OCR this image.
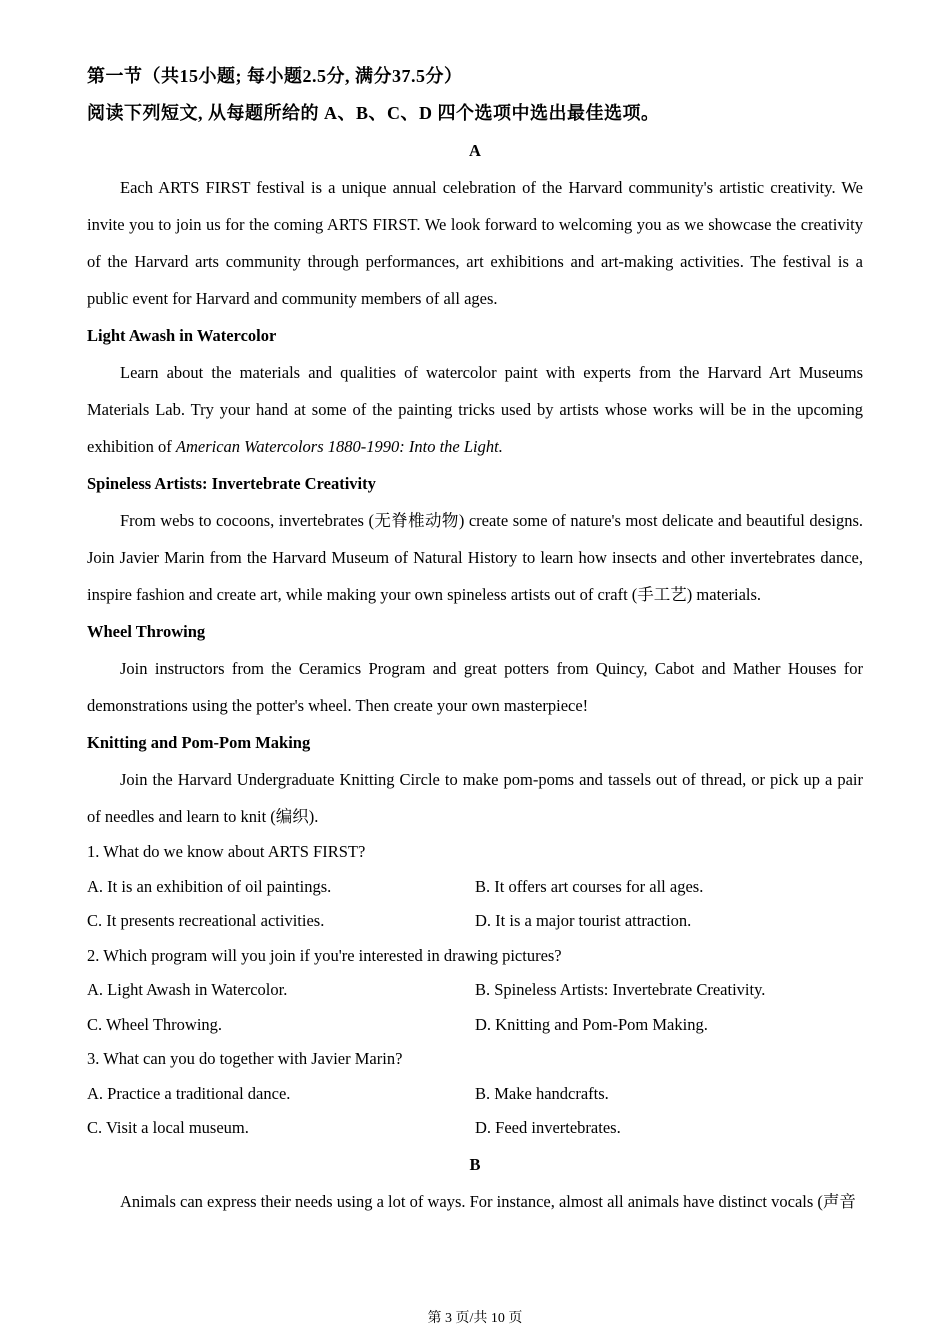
第一节（共15小题; 每小题2.5分, 满分37.5分）
阅读下列短文, 从每题所给的 A、B、C、D 四个选项中选出最佳选项。
A

Each ARTS FIRST festival is a unique annual celebration of the Harvard community's artistic creativity. We invite you to join us for the coming ARTS FIRST. We look forward to welcoming you as we showcase the creativity of the Harvard arts community through performances, art exhibitions and art-making activities. The festival is a public event for Harvard and community members of all ages.

Light Awash in Watercolor

Learn about the materials and qualities of watercolor paint with experts from the Harvard Art Museums Materials Lab. Try your hand at some of the painting tricks used by artists whose works will be in the upcoming exhibition of American Watercolors 1880-1990: Into the Light.

Spineless Artists: Invertebrate Creativity

From webs to cocoons, invertebrates (无脊椎动物) create some of nature's most delicate and beautiful designs. Join Javier Marin from the Harvard Museum of Natural History to learn how insects and other invertebrates dance, inspire fashion and create art, while making your own spineless artists out of craft (手工艺) materials.

Wheel Throwing

Join instructors from the Ceramics Program and great potters from Quincy, Cabot and Mather Houses for demonstrations using the potter's wheel. Then create your own masterpiece!

Knitting and Pom-Pom Making

Join the Harvard Undergraduate Knitting Circle to make pom-poms and tassels out of thread, or pick up a pair of needles and learn to knit (编织).

1. What do we know about ARTS FIRST?
A. It is an exhibition of oil paintings.	B. It offers art courses for all ages.
C. It presents recreational activities.	D. It is a major tourist attraction.
2. Which program will you join if you're interested in drawing pictures?
A. Light Awash in Watercolor.	B. Spineless Artists: Invertebrate Creativity.
C. Wheel Throwing.	D. Knitting and Pom-Pom Making.
3. What can you do together with Javier Marin?
A. Practice a traditional dance.	B. Make handcrafts.
C. Visit a local museum.	D. Feed invertebrates.
B

Animals can express their needs using a lot of ways. For instance, almost all animals have distinct vocals (声音

第 3 页/共 10 页
